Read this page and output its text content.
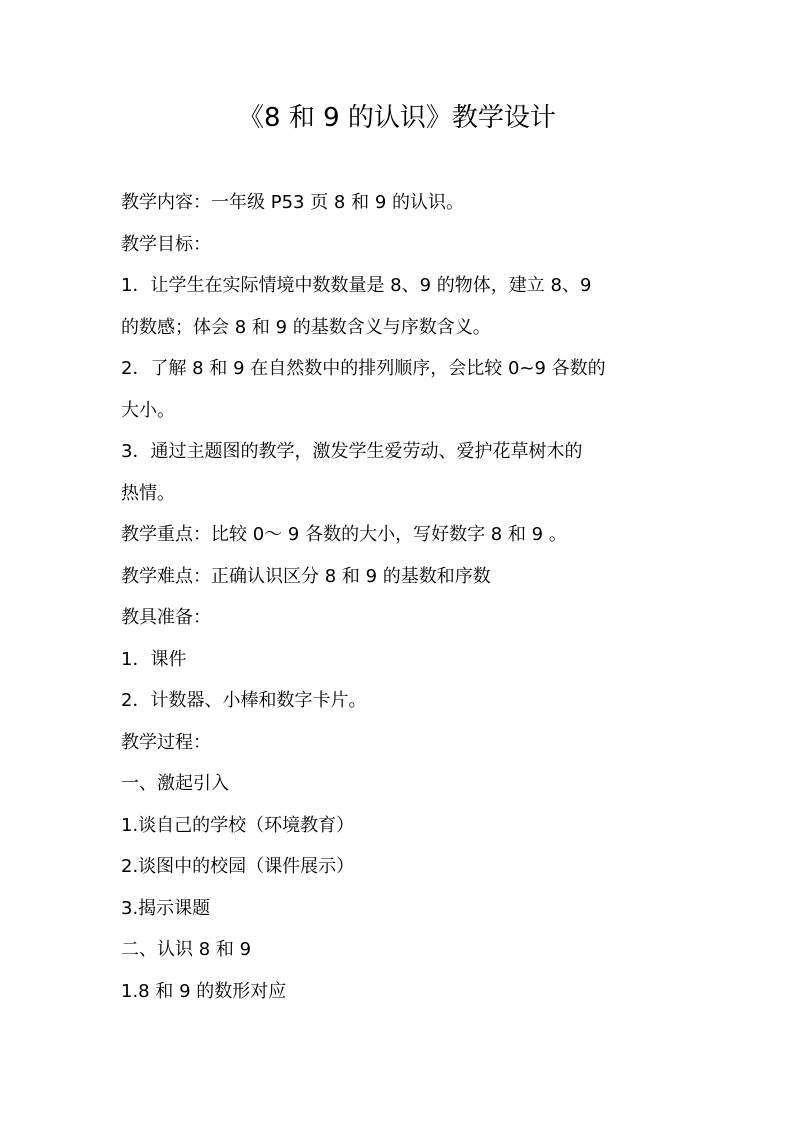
《8 和 9 的认识》教学设计
教学内容：一年级 P53 页 8 和 9 的认识。
教学目标：
1．让学生在实际情境中数数量是 8、9 的物体，建立 8、9
的数感；体会 8 和 9 的基数含义与序数含义。
2．了解 8 和 9 在自然数中的排列顺序，会比较 0~9 各数的
大小。
3．通过主题图的教学，激发学生爱劳动、爱护花草树木的
热情。
教学重点：比较 0～ 9 各数的大小，写好数字 8 和 9 。
教学难点：正确认识区分 8 和 9 的基数和序数
教具准备：
1．课件
2．计数器、小棒和数字卡片。
教学过程：
一、激起引入
1.谈自己的学校（环境教育）
2.谈图中的校园（课件展示）
3.揭示课题
二、认识 8 和 9
1.8 和 9 的数形对应
